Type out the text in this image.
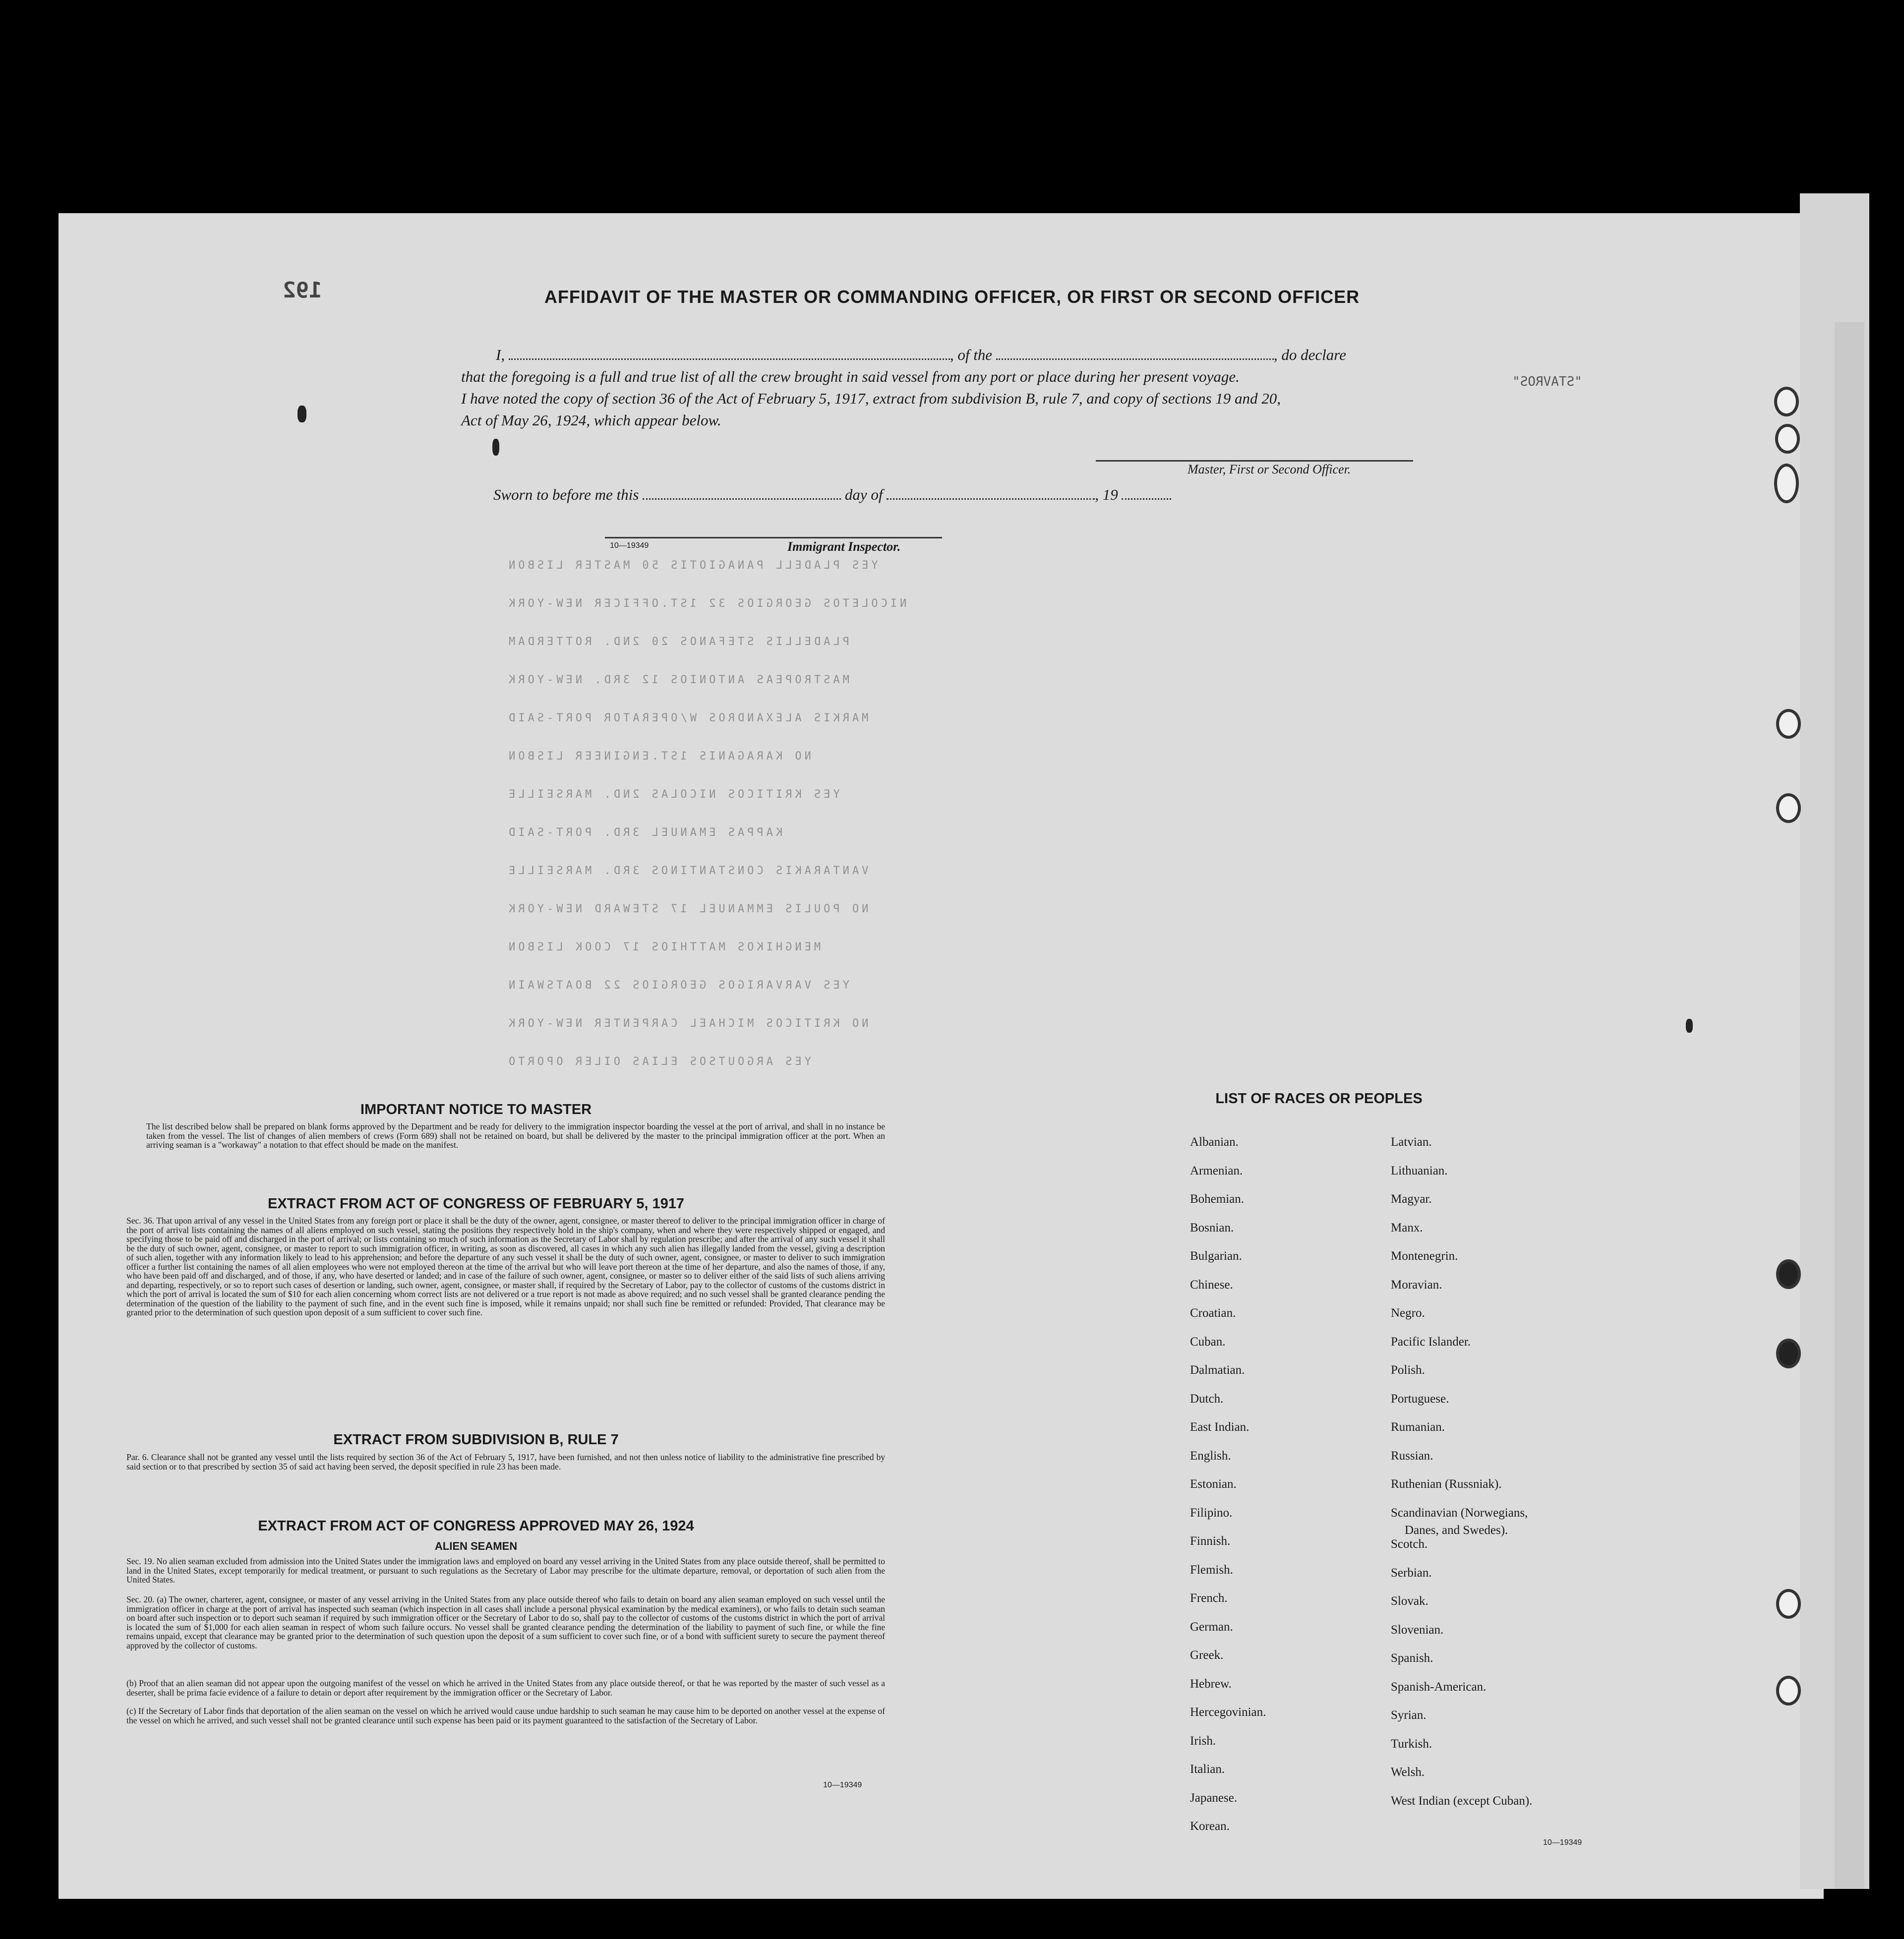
YES PLADELL PANAGIOTIS 50 MASTER LISBON
NICOLETOS GEORGIOS 32 1ST.OFFICER NEW-YORK
PLADELLIS STEFANOS 20 2ND. ROTTERDAM
MASTROPEAS ANTONIOS 12 3RD. NEW-YORK
MARKIS ALEXANDROS W/OPERATOR PORT-SAID
NO KARAGANIS 1ST.ENGINEER LISBON
YES KRITICOS NICOLAS 2ND. MARSEILLE
KAPPAS EMANUEL 3RD. PORT-SAID
VANTARAKIS CONSTANTINOS 3RD. MARSEILLE
NO POULIS EMMANUEL 17 STEWARD NEW-YORK
MENGHIKOS MATTHIOS 17 COOK LISBON
YES VARVARIGOS GEORGIOS 22 BOATSWAIN
NO KRITICOS MICHAEL CARPENTER NEW-YORK
YES ARGOUTSOS ELIAS OILER OPORTO
192
"STAVROS"
AFFIDAVIT OF THE MASTER OR COMMANDING OFFICER, OR FIRST OR SECOND OFFICER
I,	, of the	, do declare
that the foregoing is a full and true list of all the crew brought in said vessel from any port or place during her present voyage.
I have noted the copy of section 36 of the Act of February 5, 1917, extract from subdivision B, rule 7, and copy of sections 19 and 20,
Act of May 26, 1924, which appear below.
Master, First or Second Officer.
Sworn to before me this	day of	, 19
10—19349	Immigrant Inspector.
IMPORTANT NOTICE TO MASTER
The list described below shall be prepared on blank forms approved by the Department and be ready for delivery to the immigration inspector boarding the vessel at the port of arrival, and shall in no instance be taken from the vessel. The list of changes of alien members of crews (Form 689) shall not be retained on board, but shall be delivered by the master to the principal immigration officer at the port. When an arriving seaman is a "workaway" a notation to that effect should be made on the manifest.
EXTRACT FROM ACT OF CONGRESS OF FEBRUARY 5, 1917
Sec. 36. That upon arrival of any vessel in the United States from any foreign port or place it shall be the duty of the owner, agent, consignee, or master thereof to deliver to the principal immigration officer in charge of the port of arrival lists containing the names of all aliens employed on such vessel, stating the positions they respectively hold in the ship's company, when and where they were respectively shipped or engaged, and specifying those to be paid off and discharged in the port of arrival; or lists containing so much of such information as the Secretary of Labor shall by regulation prescribe; and after the arrival of any such vessel it shall be the duty of such owner, agent, consignee, or master to report to such immigration officer, in writing, as soon as discovered, all cases in which any such alien has illegally landed from the vessel, giving a description of such alien, together with any information likely to lead to his apprehension; and before the departure of any such vessel it shall be the duty of such owner, agent, consignee, or master to deliver to such immigration officer a further list containing the names of all alien employees who were not employed thereon at the time of the arrival but who will leave port thereon at the time of her departure, and also the names of those, if any, who have been paid off and discharged, and of those, if any, who have deserted or landed; and in case of the failure of such owner, agent, consignee, or master so to deliver either of the said lists of such aliens arriving and departing, respectively, or so to report such cases of desertion or landing, such owner, agent, consignee, or master shall, if required by the Secretary of Labor, pay to the collector of customs of the customs district in which the port of arrival is located the sum of $10 for each alien concerning whom correct lists are not delivered or a true report is not made as above required; and no such vessel shall be granted clearance pending the determination of the question of the liability to the payment of such fine, and in the event such fine is imposed, while it remains unpaid; nor shall such fine be remitted or refunded: Provided, That clearance may be granted prior to the determination of such question upon deposit of a sum sufficient to cover such fine.
EXTRACT FROM SUBDIVISION B, RULE 7
Par. 6. Clearance shall not be granted any vessel until the lists required by section 36 of the Act of February 5, 1917, have been furnished, and not then unless notice of liability to the administrative fine prescribed by said section or to that prescribed by section 35 of said act having been served, the deposit specified in rule 23 has been made.
EXTRACT FROM ACT OF CONGRESS APPROVED MAY 26, 1924
ALIEN SEAMEN
Sec. 19. No alien seaman excluded from admission into the United States under the immigration laws and employed on board any vessel arriving in the United States from any place outside thereof, shall be permitted to land in the United States, except temporarily for medical treatment, or pursuant to such regulations as the Secretary of Labor may prescribe for the ultimate departure, removal, or deportation of such alien from the United States.
Sec. 20. (a) The owner, charterer, agent, consignee, or master of any vessel arriving in the United States from any place outside thereof who fails to detain on board any alien seaman employed on such vessel until the immigration officer in charge at the port of arrival has inspected such seaman (which inspection in all cases shall include a personal physical examination by the medical examiners), or who fails to detain such seaman on board after such inspection or to deport such seaman if required by such immigration officer or the Secretary of Labor to do so, shall pay to the collector of customs of the customs district in which the port of arrival is located the sum of $1,000 for each alien seaman in respect of whom such failure occurs. No vessel shall be granted clearance pending the determination of the liability to payment of such fine, or while the fine remains unpaid, except that clearance may be granted prior to the determination of such question upon the deposit of a sum sufficient to cover such fine, or of a bond with sufficient surety to secure the payment thereof approved by the collector of customs.
(b) Proof that an alien seaman did not appear upon the outgoing manifest of the vessel on which he arrived in the United States from any place outside thereof, or that he was reported by the master of such vessel as a deserter, shall be prima facie evidence of a failure to detain or deport after requirement by the immigration officer or the Secretary of Labor.
(c) If the Secretary of Labor finds that deportation of the alien seaman on the vessel on which he arrived would cause undue hardship to such seaman he may cause him to be deported on another vessel at the expense of the vessel on which he arrived, and such vessel shall not be granted clearance until such expense has been paid or its payment guaranteed to the satisfaction of the Secretary of Labor.
10—19349
LIST OF RACES OR PEOPLES
Albanian.
Armenian.
Bohemian.
Bosnian.
Bulgarian.
Chinese.
Croatian.
Cuban.
Dalmatian.
Dutch.
East Indian.
English.
Estonian.
Filipino.
Finnish.
Flemish.
French.
German.
Greek.
Hebrew.
Hercegovinian.
Irish.
Italian.
Japanese.
Korean.
Latvian.
Lithuanian.
Magyar.
Manx.
Montenegrin.
Moravian.
Negro.
Pacific Islander.
Polish.
Portuguese.
Rumanian.
Russian.
Ruthenian (Russniak).
Scandinavian (Norwegians,
Danes, and Swedes).
Scotch.
Serbian.
Slovak.
Slovenian.
Spanish.
Spanish-American.
Syrian.
Turkish.
Welsh.
West Indian (except Cuban).
10—19349
